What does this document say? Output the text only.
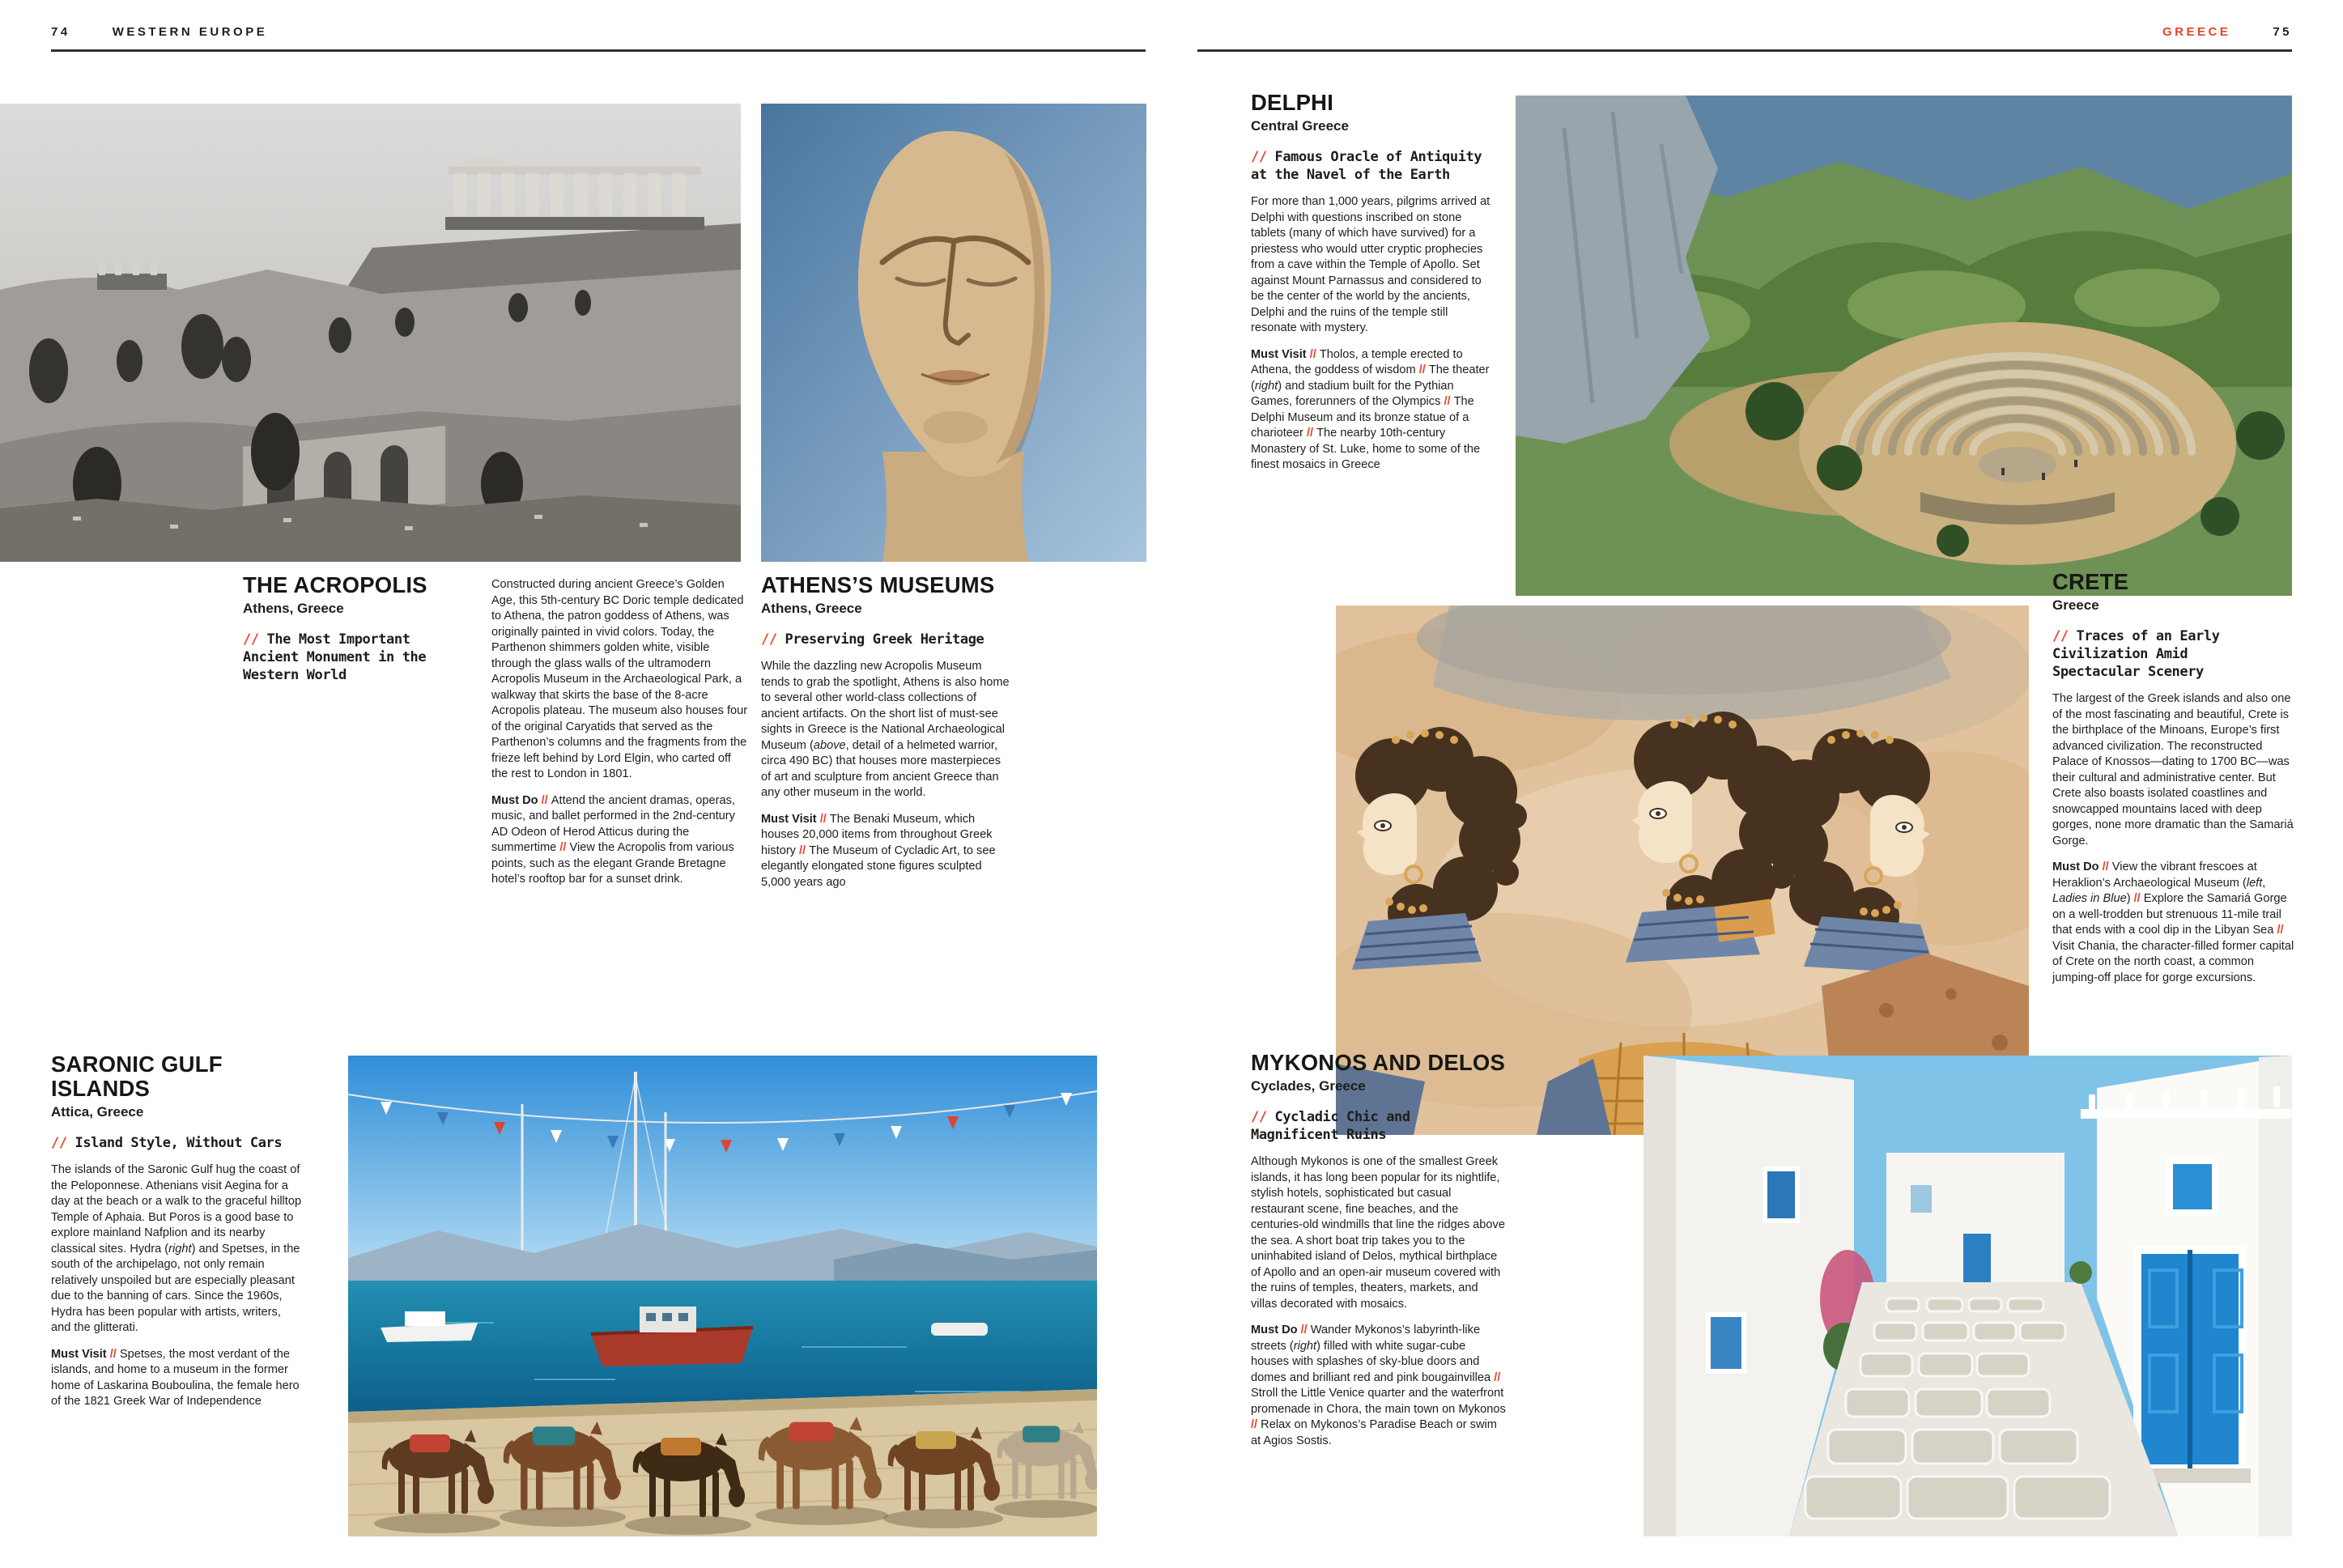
74	WESTERN EUROPE	GREECE	75
THE ACROPOLIS
Athens, Greece

// The Most Important
Ancient Monument in the
Western World

Constructed during ancient Greece’s Golden Age, this 5th-century BC Doric temple dedicated to Athena, the patron goddess of Athens, was originally painted in vivid colors. Today, the Parthenon shimmers golden white, visible through the glass walls of the ultramodern Acropolis Museum in the Archaeological Park, a walkway that skirts the base of the 8-acre Acropolis plateau. The museum also houses four of the original Caryatids that served as the Parthenon’s columns and the fragments from the frieze left behind by Lord Elgin, who carted off the rest to London in 1801.

Must Do // Attend the ancient dramas, operas, music, and ballet performed in the 2nd-century AD Odeon of Herod Atticus during the summertime // View the Acropolis from various points, such as the elegant Grande Bretagne hotel’s rooftop bar for a sunset drink.

ATHENS’S MUSEUMS
Athens, Greece

// Preserving Greek Heritage

While the dazzling new Acropolis Museum tends to grab the spotlight, Athens is also home to several other world-class collections of ancient artifacts. On the short list of must-see sights in Greece is the National Archaeological Museum (above, detail of a helmeted warrior, circa 490 BC) that houses more masterpieces of art and sculpture from ancient Greece than any other museum in the world.

Must Visit // The Benaki Museum, which houses 20,000 items from throughout Greek history // The Museum of Cycladic Art, to see elegantly elongated stone figures sculpted 5,000 years ago

SARONIC GULF ISLANDS
Attica, Greece

// Island Style, Without Cars

The islands of the Saronic Gulf hug the coast of the Peloponnese. Athenians visit Aegina for a day at the beach or a walk to the graceful hilltop Temple of Aphaia. But Poros is a good base to explore mainland Nafplion and its nearby classical sites. Hydra (right) and Spetses, in the south of the archipelago, not only remain relatively unspoiled but are especially pleasant due to the banning of cars. Since the 1960s, Hydra has been popular with artists, writers, and the glitterati.

Must Visit // Spetses, the most verdant of the islands, and home to a museum in the former home of Laskarina Bouboulina, the female hero of the 1821 Greek War of Independence

DELPHI
Central Greece

// Famous Oracle of Antiquity
at the Navel of the Earth

For more than 1,000 years, pilgrims arrived at Delphi with questions inscribed on stone tablets (many of which have survived) for a priestess who would utter cryptic prophecies from a cave within the Temple of Apollo. Set against Mount Parnassus and considered to be the center of the world by the ancients, Delphi and the ruins of the temple still resonate with mystery.

Must Visit // Tholos, a temple erected to Athena, the goddess of wisdom // The theater (right) and stadium built for the Pythian Games, forerunners of the Olympics // The Delphi Museum and its bronze statue of a charioteer // The nearby 10th-century Monastery of St. Luke, home to some of the finest mosaics in Greece

CRETE
Greece

// Traces of an Early
Civilization Amid
Spectacular Scenery

The largest of the Greek islands and also one of the most fascinating and beautiful, Crete is the birthplace of the Minoans, Europe’s first advanced civilization. The reconstructed Palace of Knossos—dating to 1700 BC—was their cultural and administrative center. But Crete also boasts isolated coastlines and snowcapped mountains laced with deep gorges, none more dramatic than the Samariá Gorge.

Must Do // View the vibrant frescoes at Heraklion’s Archaeological Museum (left, Ladies in Blue) // Explore the Samariá Gorge on a well-trodden but strenuous 11-mile trail that ends with a cool dip in the Libyan Sea // Visit Chania, the character-filled former capital of Crete on the north coast, a common jumping-off place for gorge excursions.

MYKONOS AND DELOS
Cyclades, Greece

// Cycladic Chic and
Magnificent Ruins

Although Mykonos is one of the smallest Greek islands, it has long been popular for its nightlife, stylish hotels, sophisticated but casual restaurant scene, fine beaches, and the centuries-old windmills that line the ridges above the sea. A short boat trip takes you to the uninhabited island of Delos, mythical birthplace of Apollo and an open-air museum covered with the ruins of temples, theaters, markets, and villas decorated with mosaics.

Must Do // Wander Mykonos’s labyrinth-like streets (right) filled with white sugar-cube houses with splashes of sky-blue doors and domes and brilliant red and pink bougainvillea // Stroll the Little Venice quarter and the waterfront promenade in Chora, the main town on Mykonos // Relax on Mykonos’s Paradise Beach or swim at Agios Sostis.
